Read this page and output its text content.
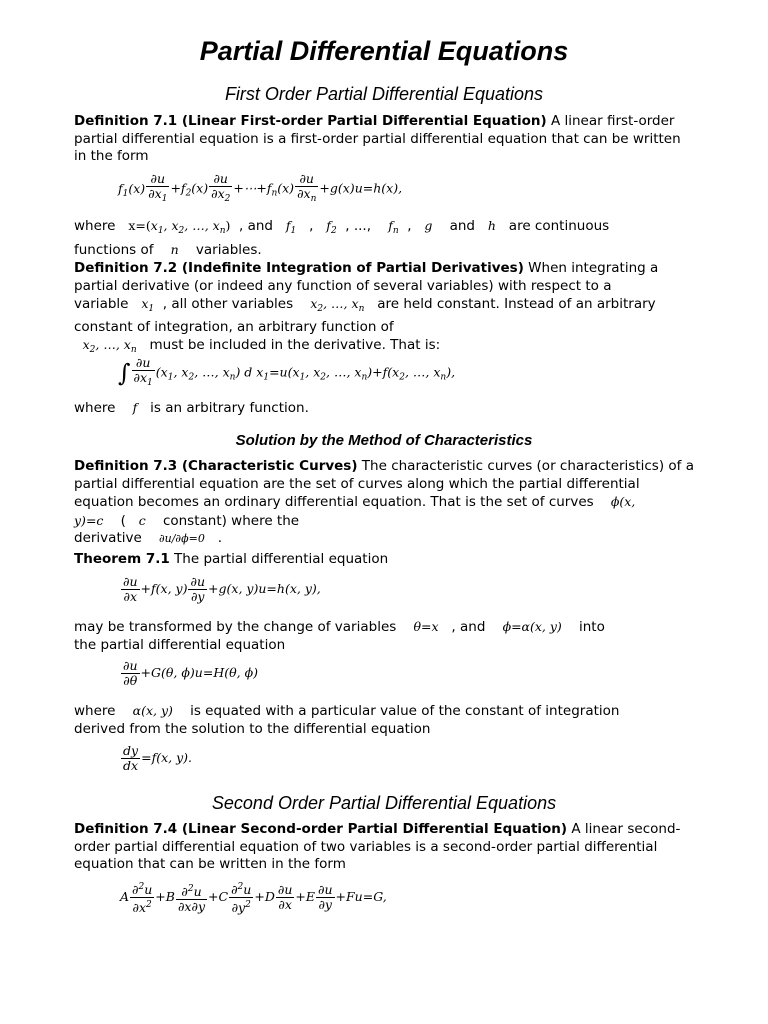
Partial Differential Equations
First Order Partial Differential Equations
Definition 7.1 (Linear First-order Partial Differential Equation) A linear first-order partial differential equation is a first-order partial differential equation that can be written in the form
$f_1(x) \frac{\partial u}{\partial x_1} +f_2(x) \frac{\partial u}{\partial x_2}$ $+\cdots+f_n(x) \frac{\partial u}{\partial x_n} +g(x)u=h(x)$,
where $x=(x_1$, $x_2$, …, $x_n$) , and $f_1$ , $f_2$ , ..., $f_n$ , g and h are continuous
functions of n variables.
Definition 7.2 (Indefinite Integration of Partial Derivatives) When integrating a partial derivative (or indeed any function of several variables) with respect to a variable $x_1$ , all other variables $x_2$, …, $x_n$ are held constant. Instead of an arbitrary constant of integration, an arbitrary function of
$x_2$, …, $x_n$ must be included in the derivative. That is:
∫ $\frac{\partial u}{\partial x_1} (x_1$, $x_2$, …, $x_n$) d $x_1=u(x_1$, $x_2$, …, $x_n)+f(x_2$, …, $x_n$),
where f is an arbitrary function.
Solution by the Method of Characteristics
Definition 7.3 (Characteristic Curves) The characteristic curves (or characteristics) of a partial differential equation are the set of curves along which the partial differential equation becomes an ordinary differential equation. That is the set of curves ϕ(x, y)=c ( c constant) where the
derivative ∂u/∂ϕ=0 .
Theorem 7.1 The partial differential equation
$\frac{\partial u}{\partial x} +f(x$, $y) \frac{\partial u}{\partial y} +g(x$, y)u=h(x, y),
may be transformed by the change of variables θ=x , and ϕ=α(x, y) into
the partial differential equation
$\frac{\partial u}{\partial\theta} +G(\theta$, ϕ)u=H(θ, ϕ)
where α(x, y) is equated with a particular value of the constant of integration
derived from the solution to the differential equation
$\frac{dy}{dx} =f(x$, y).
Second Order Partial Differential Equations
Definition 7.4 (Linear Second-order Partial Differential Equation) A linear second-order partial differential equation of two variables is a second-order partial differential equation that can be written in the form
A $\frac{\partial^2u}{\partial x^2} +B \frac{\partial^2u}{\partial x\partial y} +C \frac{\partial^2u}{\partial y^2} +D \frac{\partial u}{\partial x} +E \frac{\partial u}{\partial y} +Fu=G$,
